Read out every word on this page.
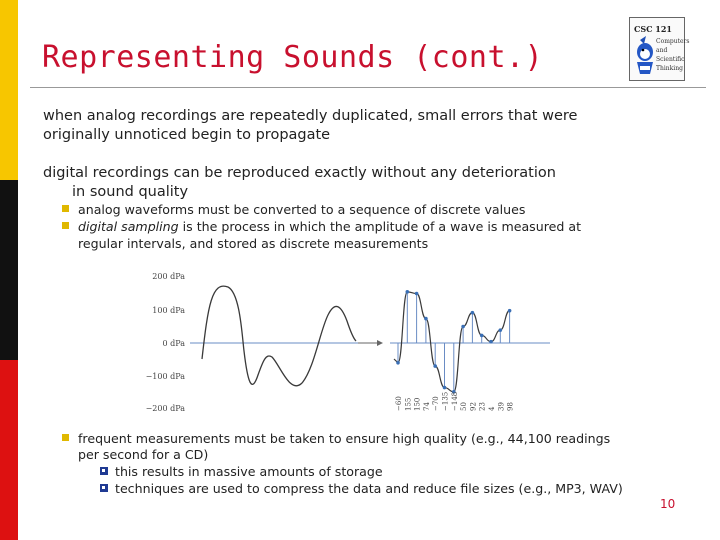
Representing Sounds (cont.)
CSC 121
Computers
and
Scientific
Thinking
when analog recordings are repeatedly duplicated, small errors that were
originally unnoticed begin to propagate
digital recordings can be reproduced exactly without any deterioration
in sound quality
analog waveforms must be converted to a sequence of discrete values
digital sampling is the process in which the amplitude of a wave is measured at
regular intervals, and stored as discrete measurements
200 dPa
100 dPa
0 dPa
−100 dPa
−200 dPa	−60 155 150 74 −70 −135 −148 50 92 23 4 39 98
frequent measurements must be taken to ensure high quality (e.g., 44,100 readings
per second for a CD)
this results in massive amounts of storage
techniques are used to compress the data and reduce file sizes (e.g., MP3, WAV)
10
